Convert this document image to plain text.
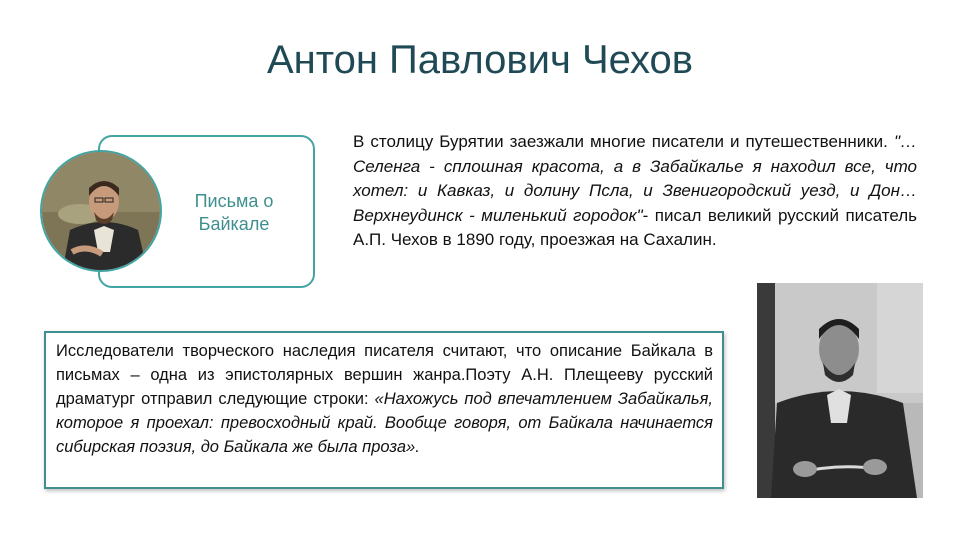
Антон Павлович Чехов
Письма о Байкале
В столицу Бурятии заезжали многие писатели и путешественники. "…Селенга - сплошная красота, а в Забайкалье я находил все, что хотел: и Кавказ, и долину Псла, и Звенигородский уезд, и Дон… Верхнеудинск - миленький городок"- писал великий русский писатель А.П. Чехов в 1890 году, проезжая на Сахалин.
Исследователи творческого наследия писателя считают, что описание Байкала в письмах – одна из эпистолярных вершин жанра.Поэту А.Н. Плещееву русский драматург отправил следующие строки: «Нахожусь под впечатлением Забайкалья, которое я проехал: превосходный край. Вообще говоря, от Байкала начинается сибирская поэзия, до Байкала же была проза».
